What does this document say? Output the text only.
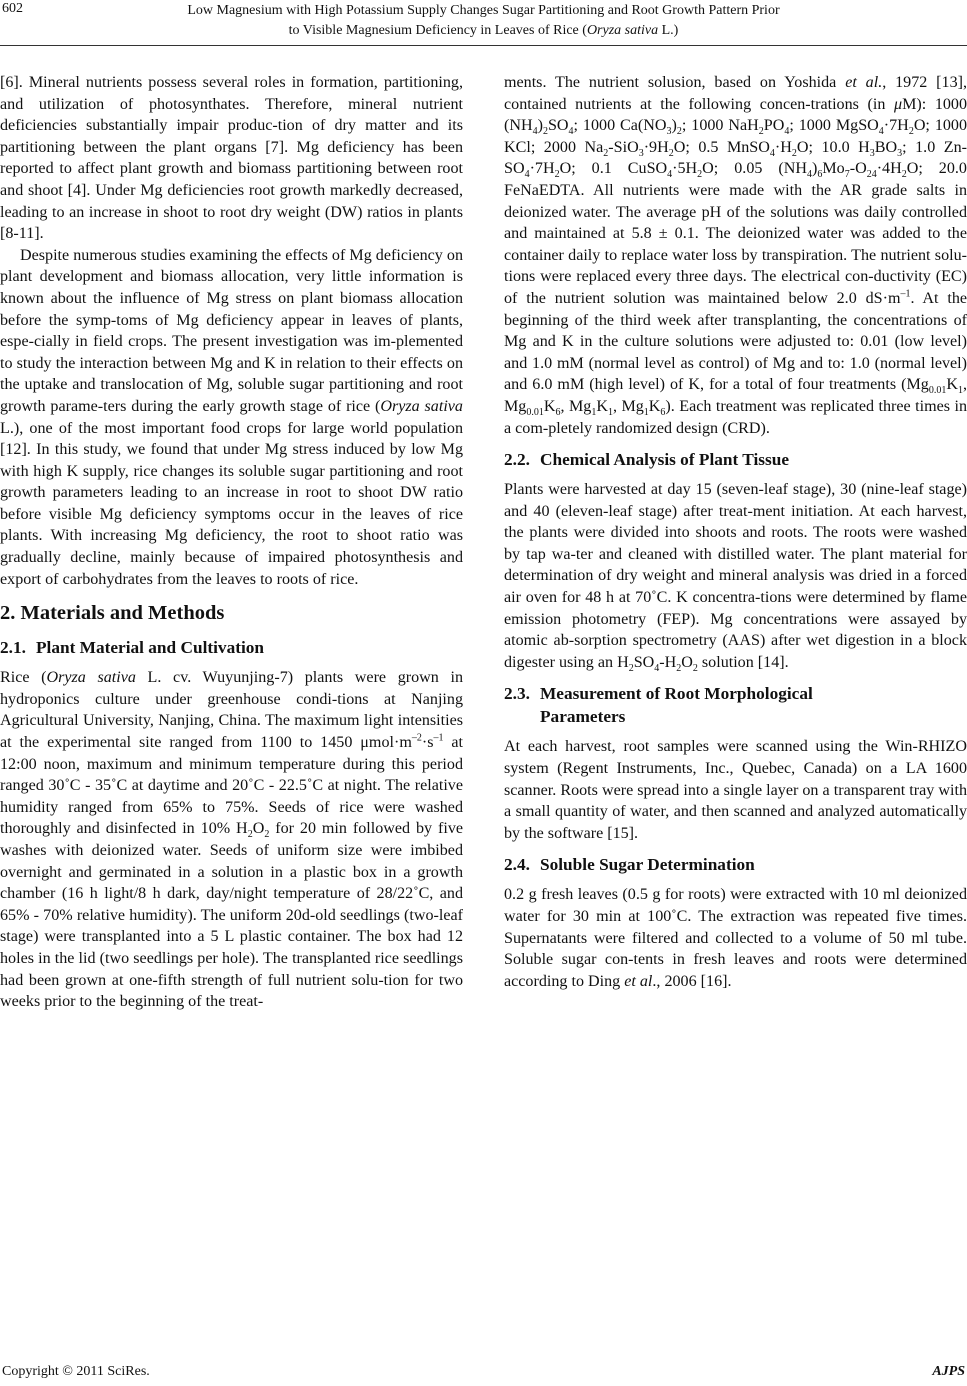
602	Low Magnesium with High Potassium Supply Changes Sugar Partitioning and Root Growth Pattern Prior
to Visible Magnesium Deficiency in Leaves of Rice (Oryza sativa L.)

[6]. Mineral nutrients possess several roles in formation, partitioning, and utilization of photosynthates. Therefore, mineral nutrient deficiencies substantially impair produc-tion of dry matter and its partitioning between the plant organs [7]. Mg deficiency has been reported to affect plant growth and biomass partitioning between root and shoot [4]. Under Mg deficiencies root growth markedly decreased, leading to an increase in shoot to root dry weight (DW) ratios in plants [8-11].

Despite numerous studies examining the effects of Mg deficiency on plant development and biomass allocation, very little information is known about the influence of Mg stress on plant biomass allocation before the symp-toms of Mg deficiency appear in leaves of plants, espe-cially in field crops. The present investigation was im-plemented to study the interaction between Mg and K in relation to their effects on the uptake and translocation of Mg, soluble sugar partitioning and root growth parame-ters during the early growth stage of rice (Oryza sativa L.), one of the most important food crops for large world population [12]. In this study, we found that under Mg stress induced by low Mg with high K supply, rice changes its soluble sugar partitioning and root growth parameters leading to an increase in root to shoot DW ratio before visible Mg deficiency symptoms occur in the leaves of rice plants. With increasing Mg deficiency, the root to shoot ratio was gradually decline, mainly because of impaired photosynthesis and export of carbohydrates from the leaves to roots of rice.

2. Materials and Methods
2.1. Plant Material and Cultivation

Rice (Oryza sativa L. cv. Wuyunjing-7) plants were grown in hydroponics culture under greenhouse condi-tions at Nanjing Agricultural University, Nanjing, China. The maximum light intensities at the experimental site ranged from 1100 to 1450 $\mu mol\cdot m^{-2}\cdot s^{-1}$ at 12:00 noon, maximum and minimum temperature during this period ranged 30˚C - 35˚C at daytime and 20˚C - 22.5˚C at night. The relative humidity ranged from 65% to 75%. Seeds of rice were washed thoroughly and disinfected in 10% $H_2O_2$ for 20 min followed by five washes with deionized water. Seeds of uniform size were imbibed overnight and germinated in a solution in a plastic box in a growth chamber (16 h light/8 h dark, day/night temperature of 28/22˚C, and 65% - 70% relative humidity). The uniform 20d-old seedlings (two-leaf stage) were transplanted into a 5 L plastic container. The box had 12 holes in the lid (two seedlings per hole). The transplanted rice seedlings had been grown at one-fifth strength of full nutrient solu-tion for two weeks prior to the beginning of the treat-

ments. The nutrient solusion, based on Yoshida et al., 1972 [13], contained nutrients at the following concen-trations (in μM): 1000 $(NH_4)_2SO_4$; 1000 $Ca(NO_3)_2$; 1000 $NaH_2PO_4$; 1000 $MgSO_4\cdot 7H_2O$; 1000 KCl; 2000 $Na_2-SiO_3\cdot 9H_2O$; 0.5 $MnSO_4\cdot H_2O$; 10.0 $H_3BO_3$; 1.0 $Zn-SO_4\cdot 7H_2O$; 0.1 $CuSO_4\cdot 5H_2O$; 0.05 $(NH_4)_6Mo_7-O_{24}\cdot 4H_2O$; 20.0 FeNaEDTA. All nutrients were made with the AR grade salts in deionized water. The average pH of the solutions was daily controlled and maintained at 5.8 ± 0.1. The deionized water was added to the container daily to replace water loss by transpiration. The nutrient solu-tions were replaced every three days. The electrical con-ductivity (EC) of the nutrient solution was maintained below 2.0 $dS\cdot m^{-1}$. At the beginning of the third week after transplanting, the concentrations of Mg and K in the culture solutions were adjusted to: 0.01 (low level) and 1.0 mM (normal level as control) of Mg and to: 1.0 (normal level) and 6.0 mM (high level) of K, for a total of four treatments ($Mg_{0.01}K_1$, $Mg_{0.01}K_6$, $Mg_1K_1$, $Mg_1K_6$). Each treatment was replicated three times in a com-pletely randomized design (CRD).

2.2. Chemical Analysis of Plant Tissue

Plants were harvested at day 15 (seven-leaf stage), 30 (nine-leaf stage) and 40 (eleven-leaf stage) after treat-ment initiation. At each harvest, the plants were divided into shoots and roots. The roots were washed by tap wa-ter and cleaned with distilled water. The plant material for determination of dry weight and mineral analysis was dried in a forced air oven for 48 h at 70˚C. K concentra-tions were determined by flame emission photometry (FEP). Mg concentrations were assayed by atomic ab-sorption spectrometry (AAS) after wet digestion in a block digester using an $H_2SO_4-H_2O_2$ solution [14].

2.3. Measurement of Root Morphological
Parameters

At each harvest, root samples were scanned using the Win-RHIZO system (Regent Instruments, Inc., Quebec, Canada) on a LA 1600 scanner. Roots were spread into a single layer on a transparent tray with a small quantity of water, and then scanned and analyzed automatically by the software [15].

2.4. Soluble Sugar Determination

0.2 g fresh leaves (0.5 g for roots) were extracted with 10 ml deionized water for 30 min at 100˚C. The extraction was repeated five times. Supernatants were filtered and collected to a volume of 50 ml tube. Soluble sugar con-tents in fresh leaves and roots were determined according to Ding et al., 2006 [16].

Copyright © 2011 SciRes.	AJPS
